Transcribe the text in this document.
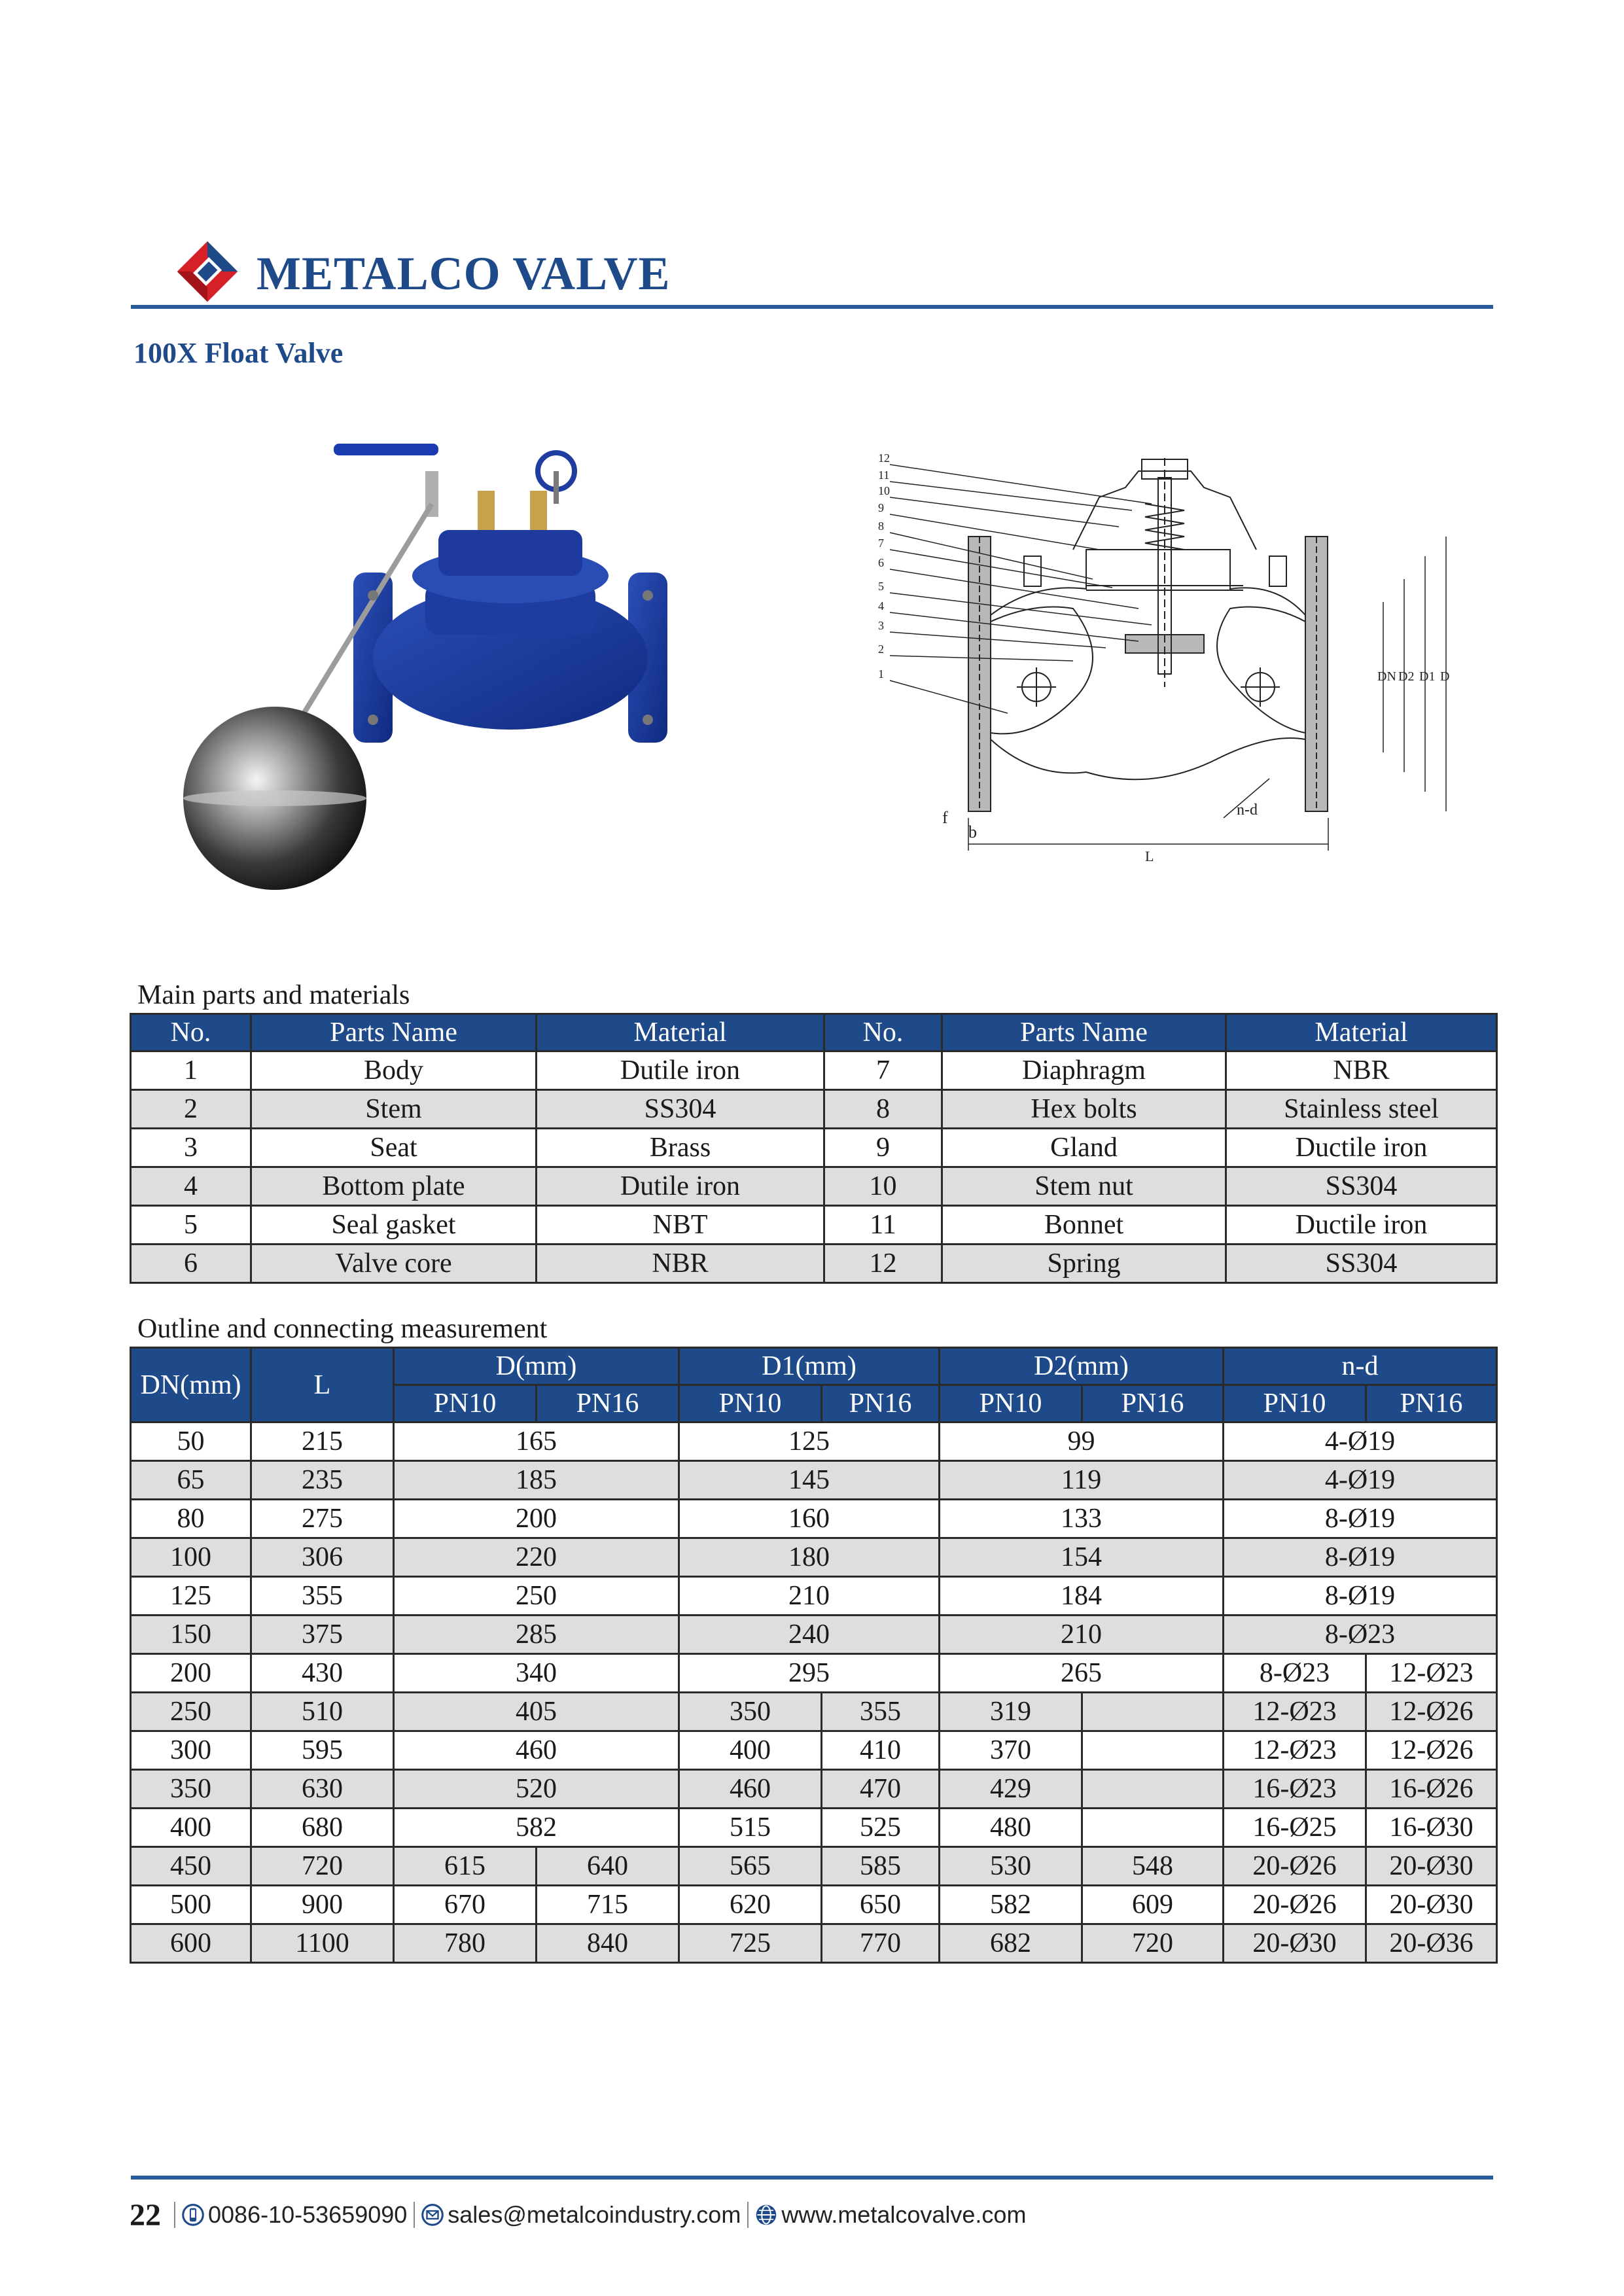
METALCO VALVE
100X Float Valve
12
11
10
9
8
7
6
5
4
3
2
1	DN D2 D1 D
f
b
L
n-d
Main parts and materials
No.	Parts Name	Material	No.	Parts Name	Material
1	Body	Dutile iron	7	Diaphragm	NBR
2	Stem	SS304	8	Hex bolts	Stainless steel
3	Seat	Brass	9	Gland	Ductile iron
4	Bottom plate	Dutile iron	10	Stem nut	SS304
5	Seal gasket	NBT	11	Bonnet	Ductile iron
6	Valve core	NBR	12	Spring	SS304
Outline and connecting measurement
DN(mm)	L	D(mm)		D1(mm)		D2(mm)		n-d	
		PN10	PN16	PN10	PN16	PN10	PN16	PN10	PN16
50	215	165		125		99		4-Ø19	
65	235	185		145		119		4-Ø19	
80	275	200		160		133		8-Ø19	
100	306	220		180		154		8-Ø19	
125	355	250		210		184		8-Ø19	
150	375	285		240		210		8-Ø23	
200	430	340		295		265		8-Ø23	12-Ø23
250	510	405		350	355	319		12-Ø23	12-Ø26
300	595	460		400	410	370		12-Ø23	12-Ø26
350	630	520		460	470	429		16-Ø23	16-Ø26
400	680	582		515	525	480		16-Ø25	16-Ø30
450	720	615	640	565	585	530	548	20-Ø26	20-Ø30
500	900	670	715	620	650	582	609	20-Ø26	20-Ø30
600	1100	780	840	725	770	682	720	20-Ø30	20-Ø36
22 0086-10-53659090 sales@metalcoindustry.com www.metalcovalve.com
